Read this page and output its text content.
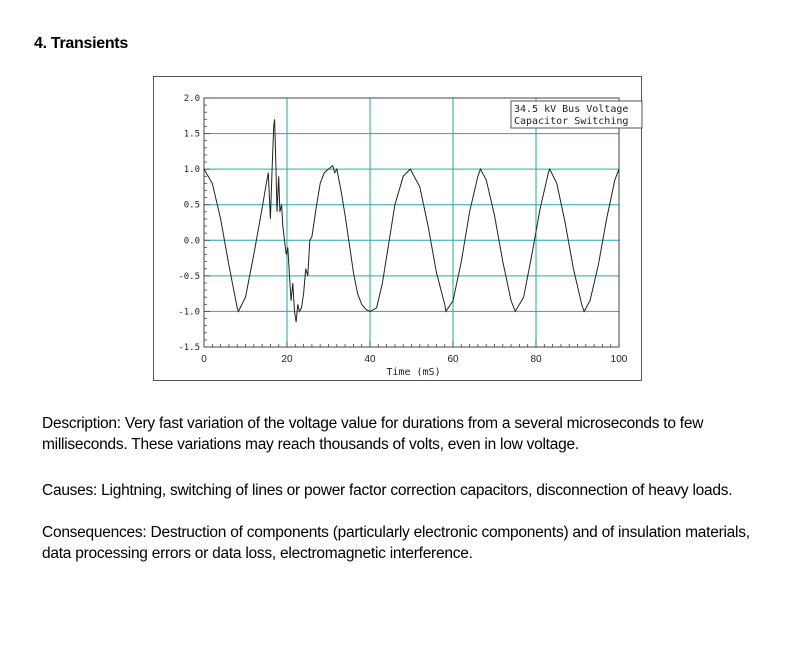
4. Transients
2.0
1.5
1.0
0.5
0.0
-0.5
-1.0
-1.5
0	20	40	60	80	100
Time (mS)
34.5 kV Bus Voltage
Capacitor Switching
Description: Very fast variation of the voltage value for durations from a several microseconds to few milliseconds. These variations may reach thousands of volts, even in low voltage.
Causes: Lightning, switching of lines or power factor correction capacitors, disconnection of heavy loads.
Consequences: Destruction of components (particularly electronic components) and of insulation materials, data processing errors or data loss, electromagnetic interference.
